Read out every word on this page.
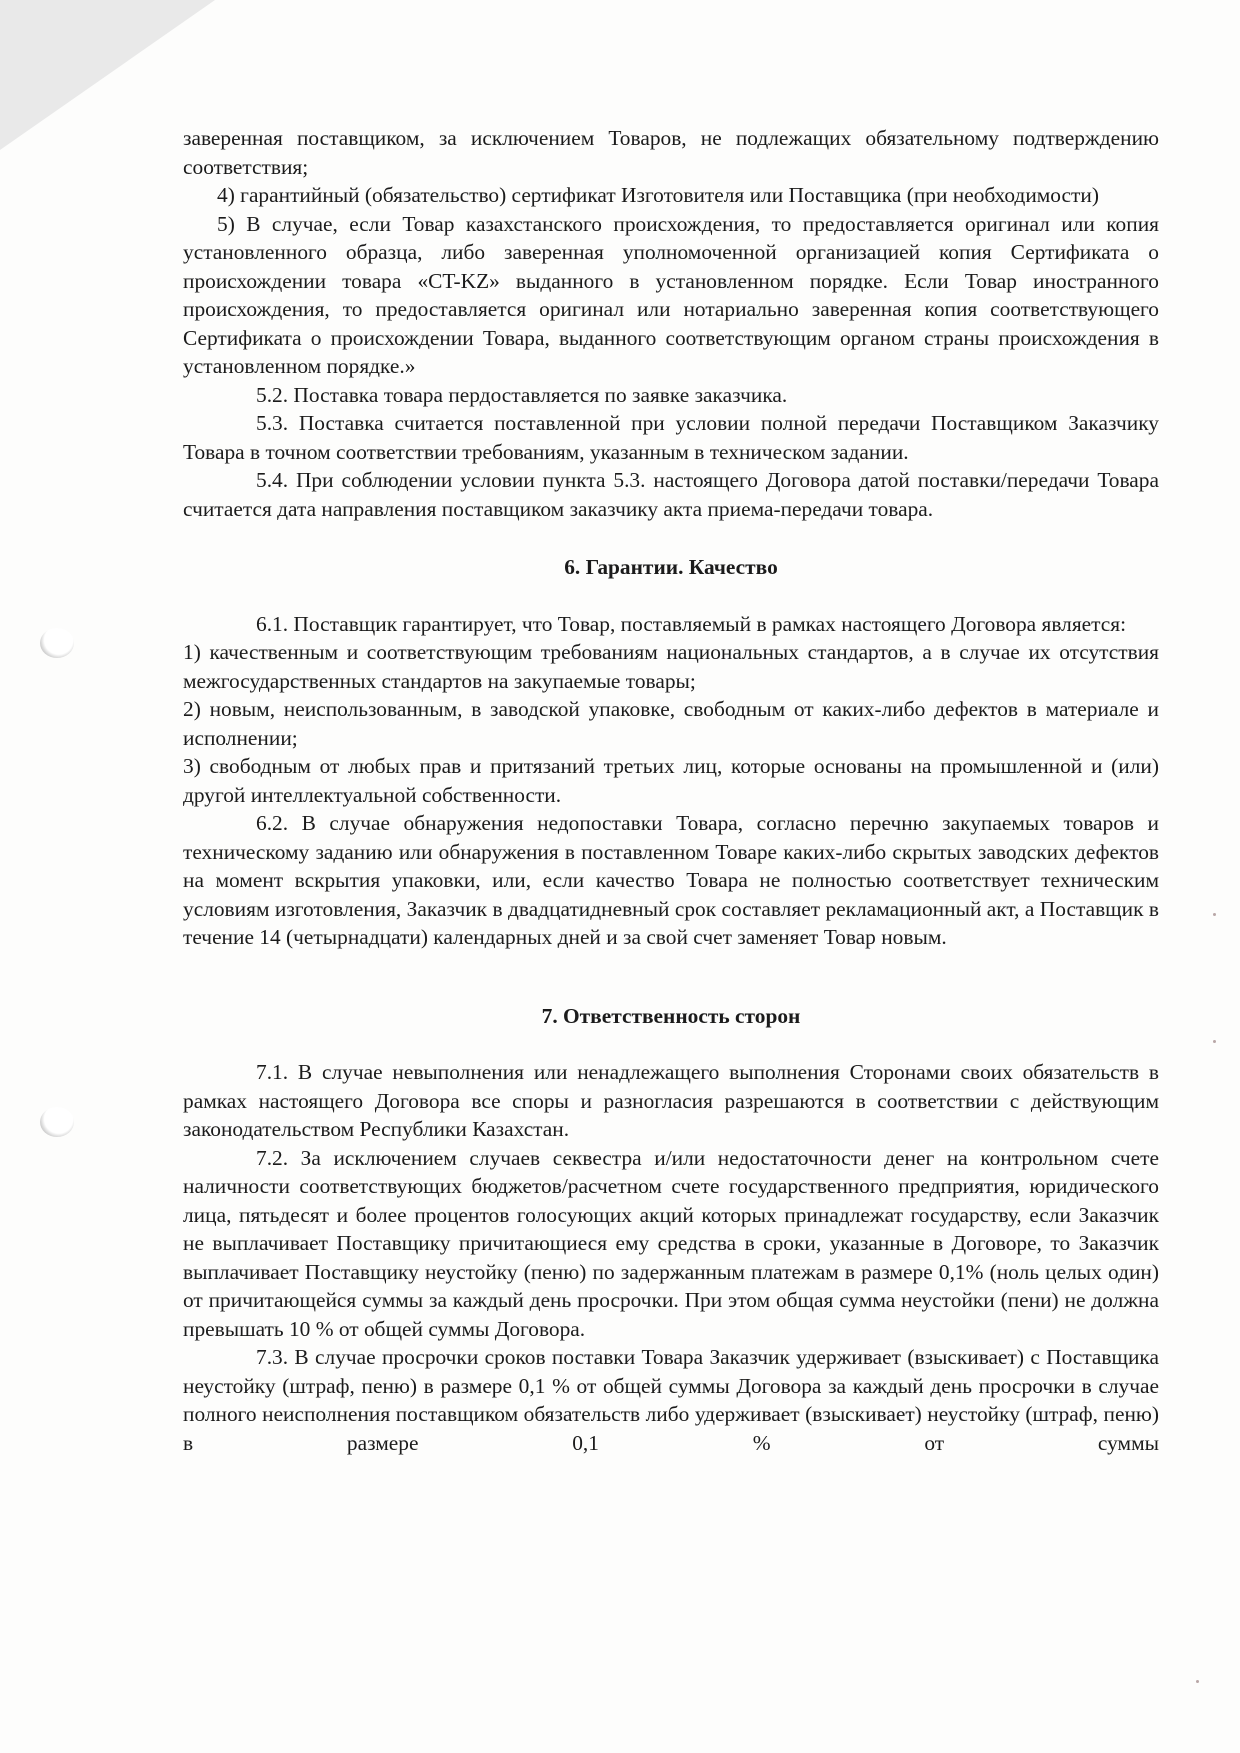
заверенная поставщиком, за исключением Товаров, не подлежащих обязательному подтверждению соответствия;

4) гарантийный (обязательство) сертификат Изготовителя или Поставщика (при необходимости)

5) В случае, если Товар казахстанского происхождения, то предоставляется оригинал или копия установленного образца, либо заверенная уполномоченной организацией копия Сертификата о происхождении товара «CT-KZ» выданного в установленном порядке. Если Товар иностранного происхождения, то предоставляется оригинал или нотариально заверенная копия соответствующего Сертификата о происхождении Товара, выданного соответствующим органом страны происхождения в установленном порядке.»

5.2. Поставка товара пердоставляется по заявке заказчика.

5.3. Поставка считается поставленной при условии полной передачи Поставщиком Заказчику Товара в точном соответствии требованиям, указанным в техническом задании.

5.4. При соблюдении условии пункта 5.3. настоящего Договора датой поставки/передачи Товара считается дата направления поставщиком заказчику акта приема-передачи товара.

6. Гарантии. Качество

6.1. Поставщик гарантирует, что Товар, поставляемый в рамках настоящего Договора является:

1) качественным и соответствующим требованиям национальных стандартов, а в случае их отсутствия межгосударственных стандартов на закупаемые товары;

2) новым, неиспользованным, в заводской упаковке, свободным от каких-либо дефектов в материале и исполнении;

3) свободным от любых прав и притязаний третьих лиц, которые основаны на промышленной и (или) другой интеллектуальной собственности.

6.2. В случае обнаружения недопоставки Товара, согласно перечню закупаемых товаров и техническому заданию или обнаружения в поставленном Товаре каких-либо скрытых заводских дефектов на момент вскрытия упаковки, или, если качество Товара не полностью соответствует техническим условиям изготовления, Заказчик в двадцатидневный срок составляет рекламационный акт, а Поставщик в течение 14 (четырнадцати) календарных дней и за свой счет заменяет Товар новым.

7. Ответственность сторон

7.1. В случае невыполнения или ненадлежащего выполнения Сторонами своих обязательств в рамках настоящего Договора все споры и разногласия разрешаются в соответствии с действующим законодательством Республики Казахстан.

7.2. За исключением случаев секвестра и/или недостаточности денег на контрольном счете наличности соответствующих бюджетов/расчетном счете государственного предприятия, юридического лица, пятьдесят и более процентов голосующих акций которых принадлежат государству, если Заказчик не выплачивает Поставщику причитающиеся ему средства в сроки, указанные в Договоре, то Заказчик выплачивает Поставщику неустойку (пеню) по задержанным платежам в размере 0,1% (ноль целых один) от причитающейся суммы за каждый день просрочки. При этом общая сумма неустойки (пени) не должна превышать 10 % от общей суммы Договора.

7.3. В случае просрочки сроков поставки Товара Заказчик удерживает (взыскивает) с Поставщика неустойку (штраф, пеню) в размере 0,1 % от общей суммы Договора за каждый день просрочки в случае полного неисполнения поставщиком обязательств либо удерживает (взыскивает) неустойку (штраф, пеню) в размере 0,1 % от суммы
